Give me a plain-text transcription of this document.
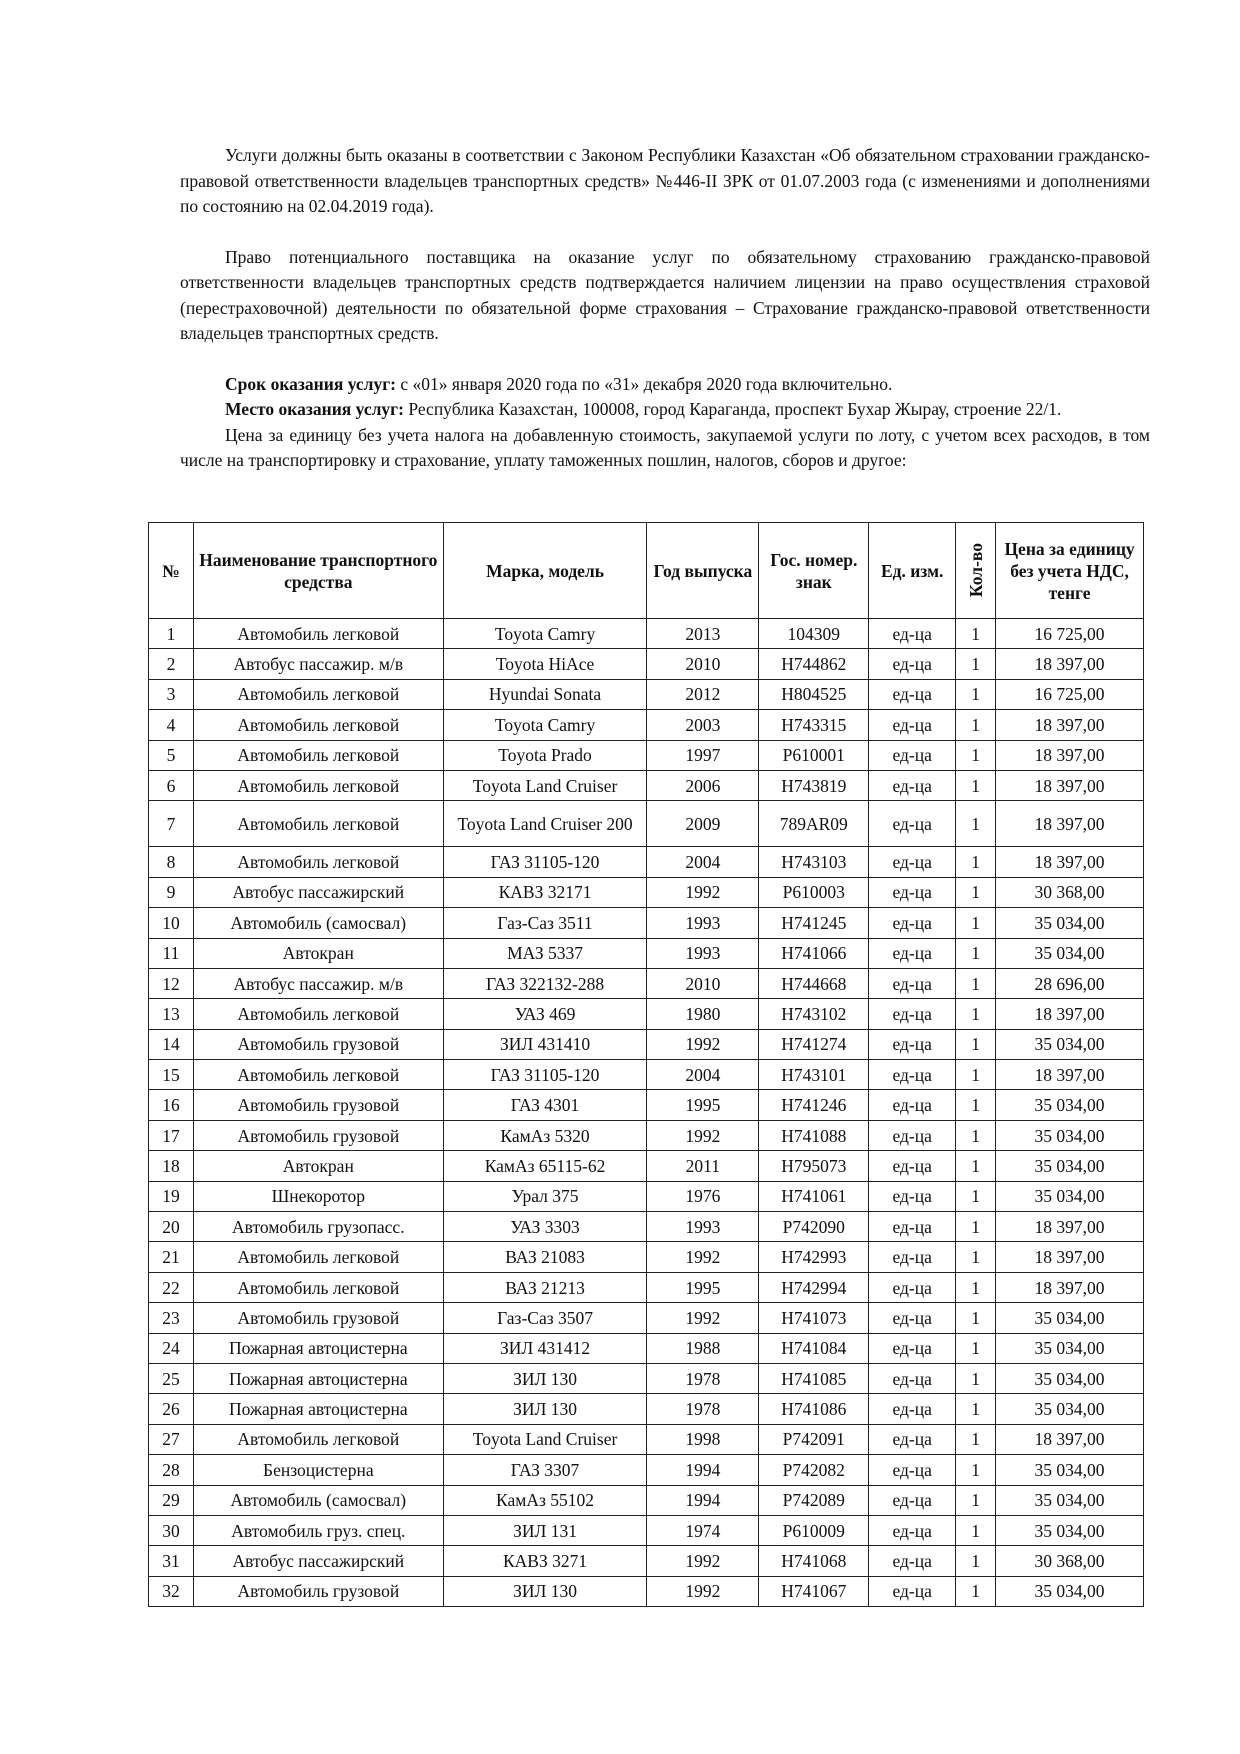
Услуги должны быть оказаны в соответствии с Законом Республики Казахстан «Об обязательном страховании гражданско-правовой ответственности владельцев транспортных средств» №446-II ЗРК от 01.07.2003 года (с изменениями и дополнениями по состоянию на 02.04.2019 года).

Право потенциального поставщика на оказание услуг по обязательному страхованию гражданско-правовой ответственности владельцев транспортных средств подтверждается наличием лицензии на право осуществления страховой (перестраховочной) деятельности по обязательной форме страхования – Страхование гражданско-правовой ответственности владельцев транспортных средств.

Срок оказания услуг: с «01» января 2020 года по «31» декабря 2020 года включительно.

Место оказания услуг: Республика Казахстан, 100008, город Караганда, проспект Бухар Жырау, строение 22/1.

Цена за единицу без учета налога на добавленную стоимость, закупаемой услуги по лоту, с учетом всех расходов, в том числе на транспортировку и страхование, уплату таможенных пошлин, налогов, сборов и другое:

№	Наименование транспортного средства	Марка, модель	Год выпуска	Гос. номер. знак	Ед. изм.	Кол-во	Цена за единицу без учета НДС, тенге
1	Автомобиль легковой	Toyota Camry	2013	104309	ед-ца	1	16 725,00
2	Автобус пассажир. м/в	Toyota HiAce	2010	Н744862	ед-ца	1	18 397,00
3	Автомобиль легковой	Hyundai Sonata	2012	Н804525	ед-ца	1	16 725,00
4	Автомобиль легковой	Toyota Camry	2003	Н743315	ед-ца	1	18 397,00
5	Автомобиль легковой	Toyota Prado	1997	Р610001	ед-ца	1	18 397,00
6	Автомобиль легковой	Toyota Land Cruiser	2006	Н743819	ед-ца	1	18 397,00
7	Автомобиль легковой	Toyota Land Cruiser 200	2009	789AR09	ед-ца	1	18 397,00
8	Автомобиль легковой	ГАЗ 31105-120	2004	Н743103	ед-ца	1	18 397,00
9	Автобус пассажирский	КАВЗ 32171	1992	Р610003	ед-ца	1	30 368,00
10	Автомобиль (самосвал)	Газ-Саз 3511	1993	Н741245	ед-ца	1	35 034,00
11	Автокран	МАЗ 5337	1993	Н741066	ед-ца	1	35 034,00
12	Автобус пассажир. м/в	ГАЗ 322132-288	2010	Н744668	ед-ца	1	28 696,00
13	Автомобиль легковой	УАЗ 469	1980	Н743102	ед-ца	1	18 397,00
14	Автомобиль грузовой	ЗИЛ 431410	1992	Н741274	ед-ца	1	35 034,00
15	Автомобиль легковой	ГАЗ 31105-120	2004	Н743101	ед-ца	1	18 397,00
16	Автомобиль грузовой	ГАЗ 4301	1995	Н741246	ед-ца	1	35 034,00
17	Автомобиль грузовой	КамАз 5320	1992	Н741088	ед-ца	1	35 034,00
18	Автокран	КамАз 65115-62	2011	Н795073	ед-ца	1	35 034,00
19	Шнекоротор	Урал 375	1976	Н741061	ед-ца	1	35 034,00
20	Автомобиль грузопасс.	УАЗ 3303	1993	Р742090	ед-ца	1	18 397,00
21	Автомобиль легковой	ВАЗ 21083	1992	Н742993	ед-ца	1	18 397,00
22	Автомобиль легковой	ВАЗ 21213	1995	Н742994	ед-ца	1	18 397,00
23	Автомобиль грузовой	Газ-Саз 3507	1992	Н741073	ед-ца	1	35 034,00
24	Пожарная автоцистерна	ЗИЛ 431412	1988	Н741084	ед-ца	1	35 034,00
25	Пожарная автоцистерна	ЗИЛ 130	1978	Н741085	ед-ца	1	35 034,00
26	Пожарная автоцистерна	ЗИЛ 130	1978	Н741086	ед-ца	1	35 034,00
27	Автомобиль легковой	Toyota Land Cruiser	1998	Р742091	ед-ца	1	18 397,00
28	Бензоцистерна	ГАЗ 3307	1994	Р742082	ед-ца	1	35 034,00
29	Автомобиль (самосвал)	КамАз 55102	1994	Р742089	ед-ца	1	35 034,00
30	Автомобиль груз. спец.	ЗИЛ 131	1974	Р610009	ед-ца	1	35 034,00
31	Автобус пассажирский	КАВЗ 3271	1992	Н741068	ед-ца	1	30 368,00
32	Автомобиль грузовой	ЗИЛ 130	1992	Н741067	ед-ца	1	35 034,00
